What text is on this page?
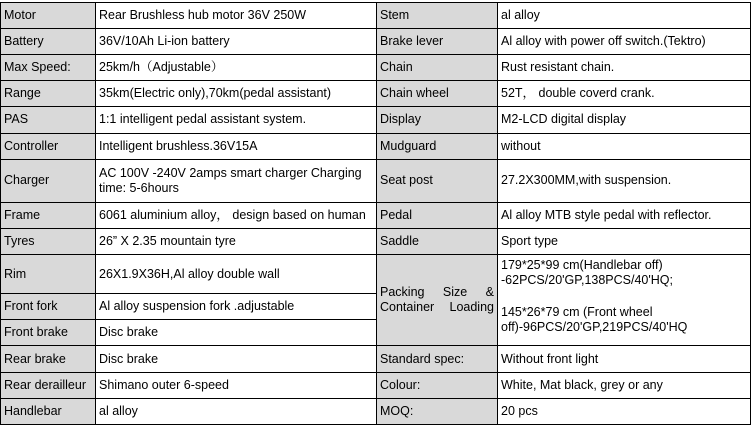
Motor	Rear Brushless hub motor 36V 250W	Stem	al alloy
Battery	36V/10Ah Li-ion battery	Brake lever	Al alloy with power off switch.(Tektro)
Max Speed:	25km/h（Adjustable）	Chain	Rust resistant chain.
Range	35km(Electric only),70km(pedal assistant)	Chain wheel	52T， double coverd crank.
PAS	1:1 intelligent pedal assistant system.	Display	M2-LCD digital display
Controller	Intelligent brushless.36V15A	Mudguard	without
Charger	AC 100V -240V 2amps smart charger Charging time: 5-6hours	Seat post	27.2X300MM,with suspension.
Frame	6061 aluminium alloy， design based on human	Pedal	Al alloy MTB style pedal with reflector.
Tyres	26” X 2.35 mountain tyre	Saddle	Sport type
Rim	26X1.9X36H,Al alloy double wall	Packing Size & Container Loading	179*25*99 cm(Handlebar off) -62PCS/20'GP,138PCS/40'HQ;
145*26*79 cm (Front wheel off)-96PCS/20'GP,219PCS/40'HQ
Front fork	Al alloy suspension fork .adjustable		
Front brake	Disc brake		
Rear brake	Disc brake	Standard spec:	Without front light
Rear derailleur	Shimano outer 6-speed	Colour:	White, Mat black, grey or any
Handlebar	al alloy	MOQ:	20 pcs
